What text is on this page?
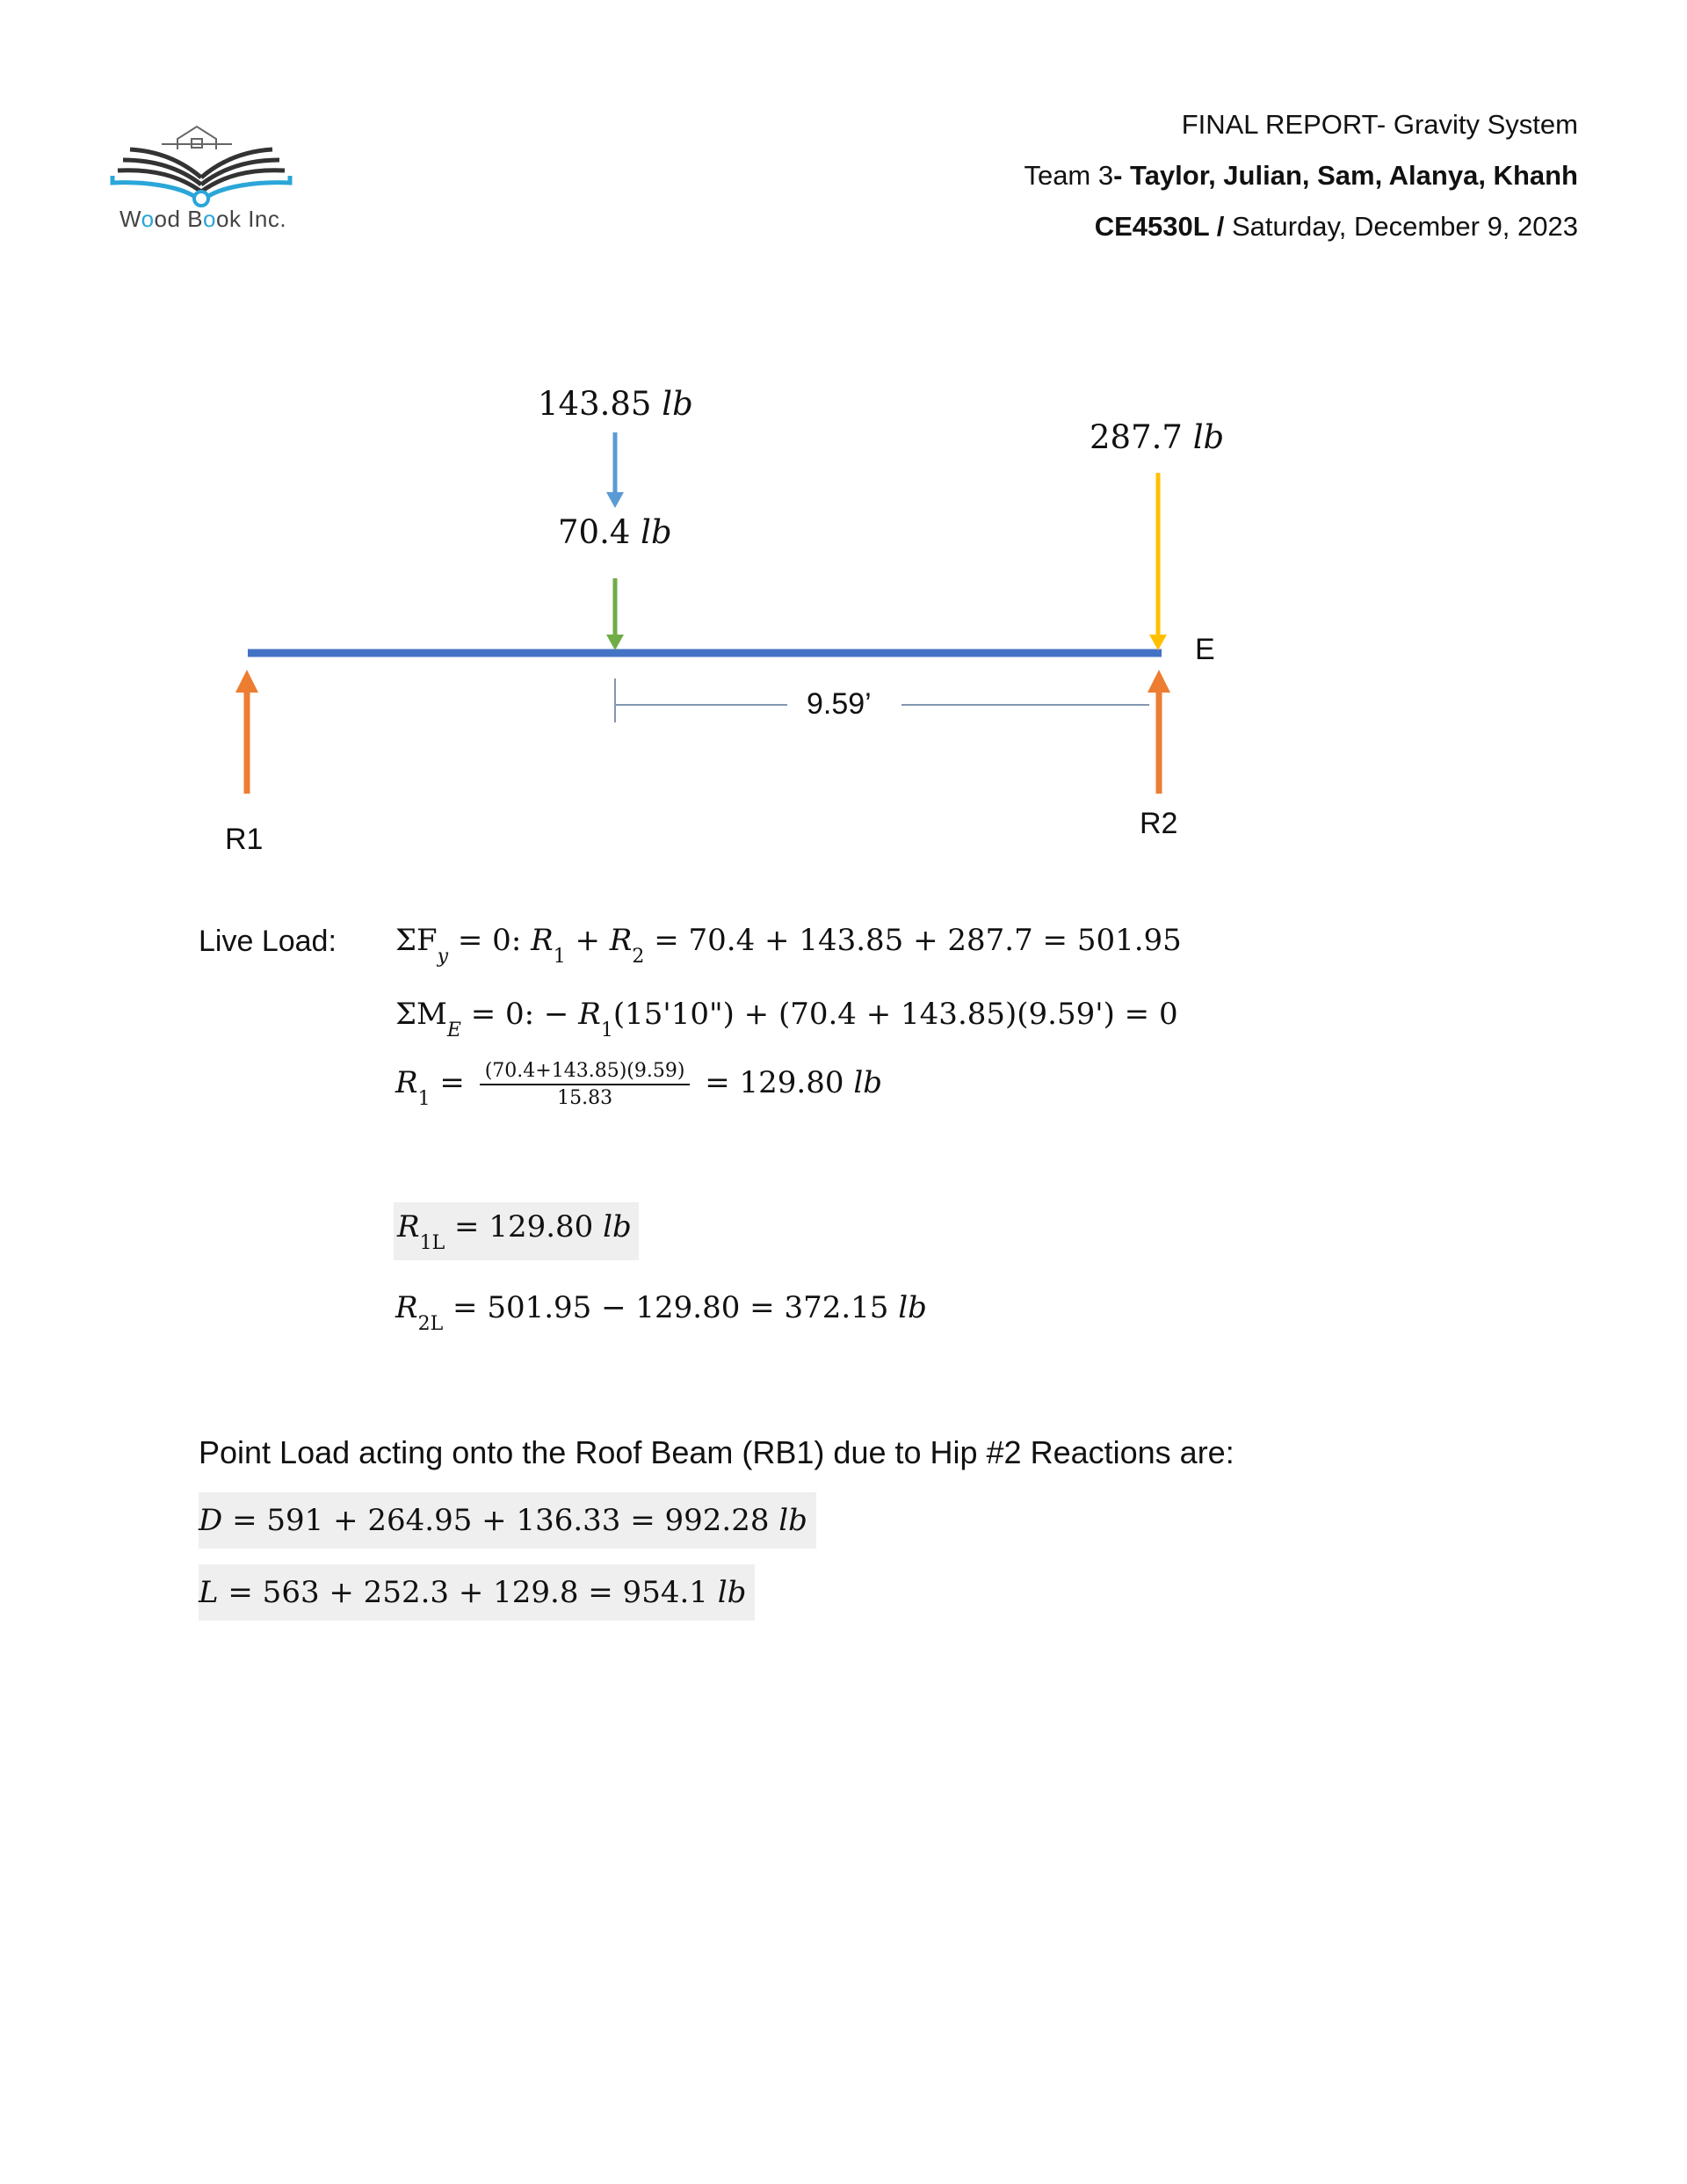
Wood Book Inc.
FINAL REPORT- Gravity System
Team 3- Taylor, Julian, Sam, Alanya, Khanh
CE4530L / Saturday, December 9, 2023
143.85 lb
70.4 lb
287.7 lb
E
9.59’
R1	R2
Live Load: $\Sigma F_y = 0$: $R_1 + R_2 = 70.4 + 143.85 + 287.7 = 501.95$
$\Sigma M_E = 0$: − $R_1(15'10") + (70.4 + 143.85)(9.59') = 0$
$R_1 = \frac{(70.4+143.85)(9.59)}{15.83} = 129.80$ lb
$R_{1L} = 129.80$ lb
$R_{2L} = 501.95 - 129.80 = 372.15$ lb
Point Load acting onto the Roof Beam (RB1) due to Hip #2 Reactions are:
D = 591 + 264.95 + 136.33 = 992.28 lb
L = 563 + 252.3 + 129.8 = 954.1 lb
